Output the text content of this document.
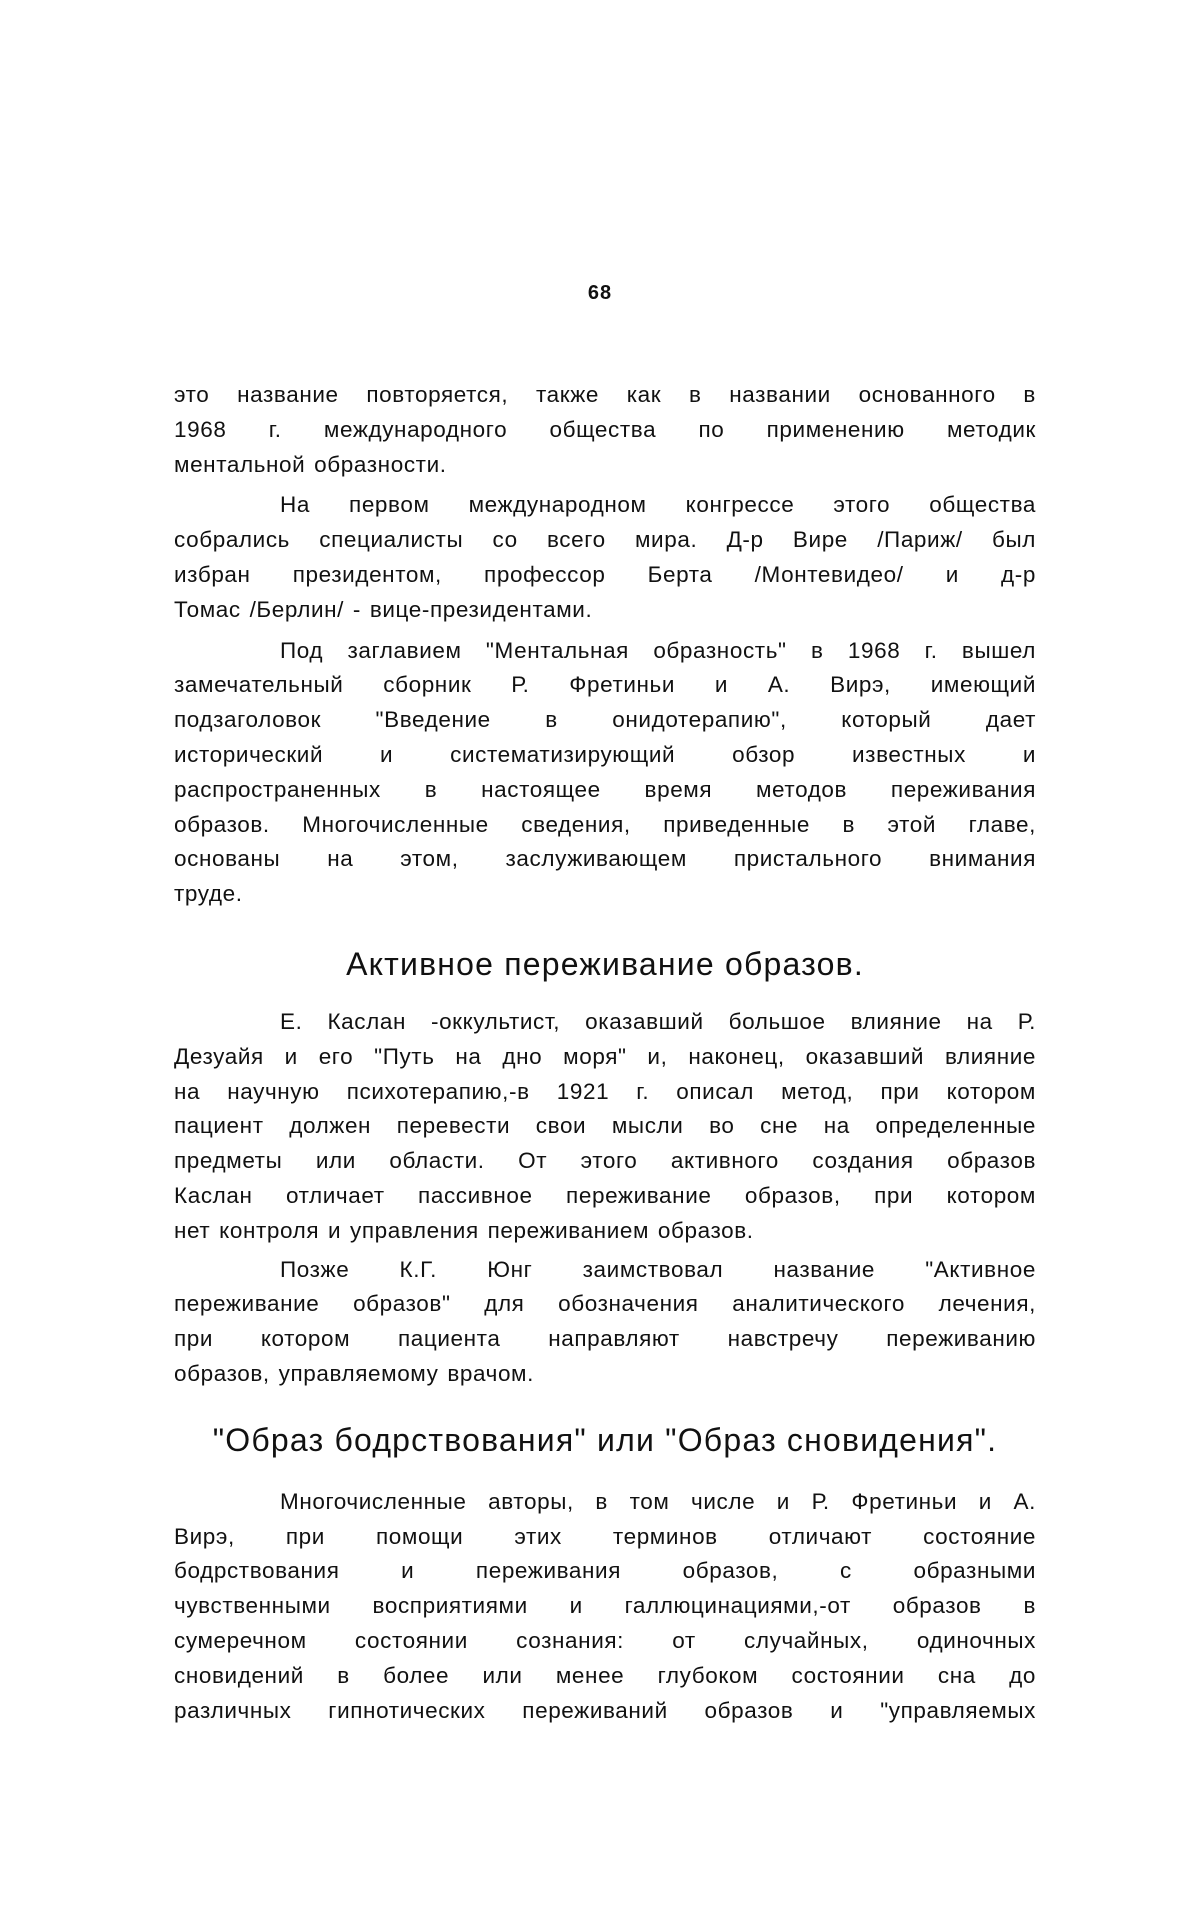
68

это название повторяется, также как в названии основанного в
1968 г. международного общества по применению методик
ментальной образности.

На первом международном конгрессе этого общества
собрались специалисты со всего мира. Д-р Вире /Париж/ был
избран президентом, профессор Берта /Монтевидео/ и д-р
Томас /Берлин/ - вице-президентами.

Под заглавием "Ментальная образность" в 1968 г. вышел
замечательный сборник Р. Фретиньи и А. Вирэ, имеющий
подзаголовок "Введение в онидотерапию", который дает
исторический и систематизирующий обзор известных и
распространенных в настоящее время методов переживания
образов. Многочисленные сведения, приведенные в этой главе,
основаны на этом, заслуживающем пристального внимания
труде.

Активное переживание образов.

Е. Каслан -оккультист, оказавший большое влияние на Р.
Дезуайя и его "Путь на дно моря" и, наконец, оказавший влияние
на научную психотерапию,-в 1921 г. описал метод, при котором
пациент должен перевести свои мысли во сне на определенные
предметы или области. От этого активного создания образов
Каслан отличает пассивное переживание образов, при котором
нет контроля и управления переживанием образов.

Позже К.Г. Юнг заимствовал название "Активное
переживание образов" для обозначения аналитического лечения,
при котором пациента направляют навстречу переживанию
образов, управляемому врачом.

"Образ бодрствования" или "Образ сновидения".

Многочисленные авторы, в том числе и Р. Фретиньи и А.
Вирэ, при помощи этих терминов отличают состояние
бодрствования и переживания образов, с образными
чувственными восприятиями и галлюцинациями,-от образов в
сумеречном состоянии сознания: от случайных, одиночных
сновидений в более или менее глубоком состоянии сна до
различных гипнотических переживаний образов и "управляемых
